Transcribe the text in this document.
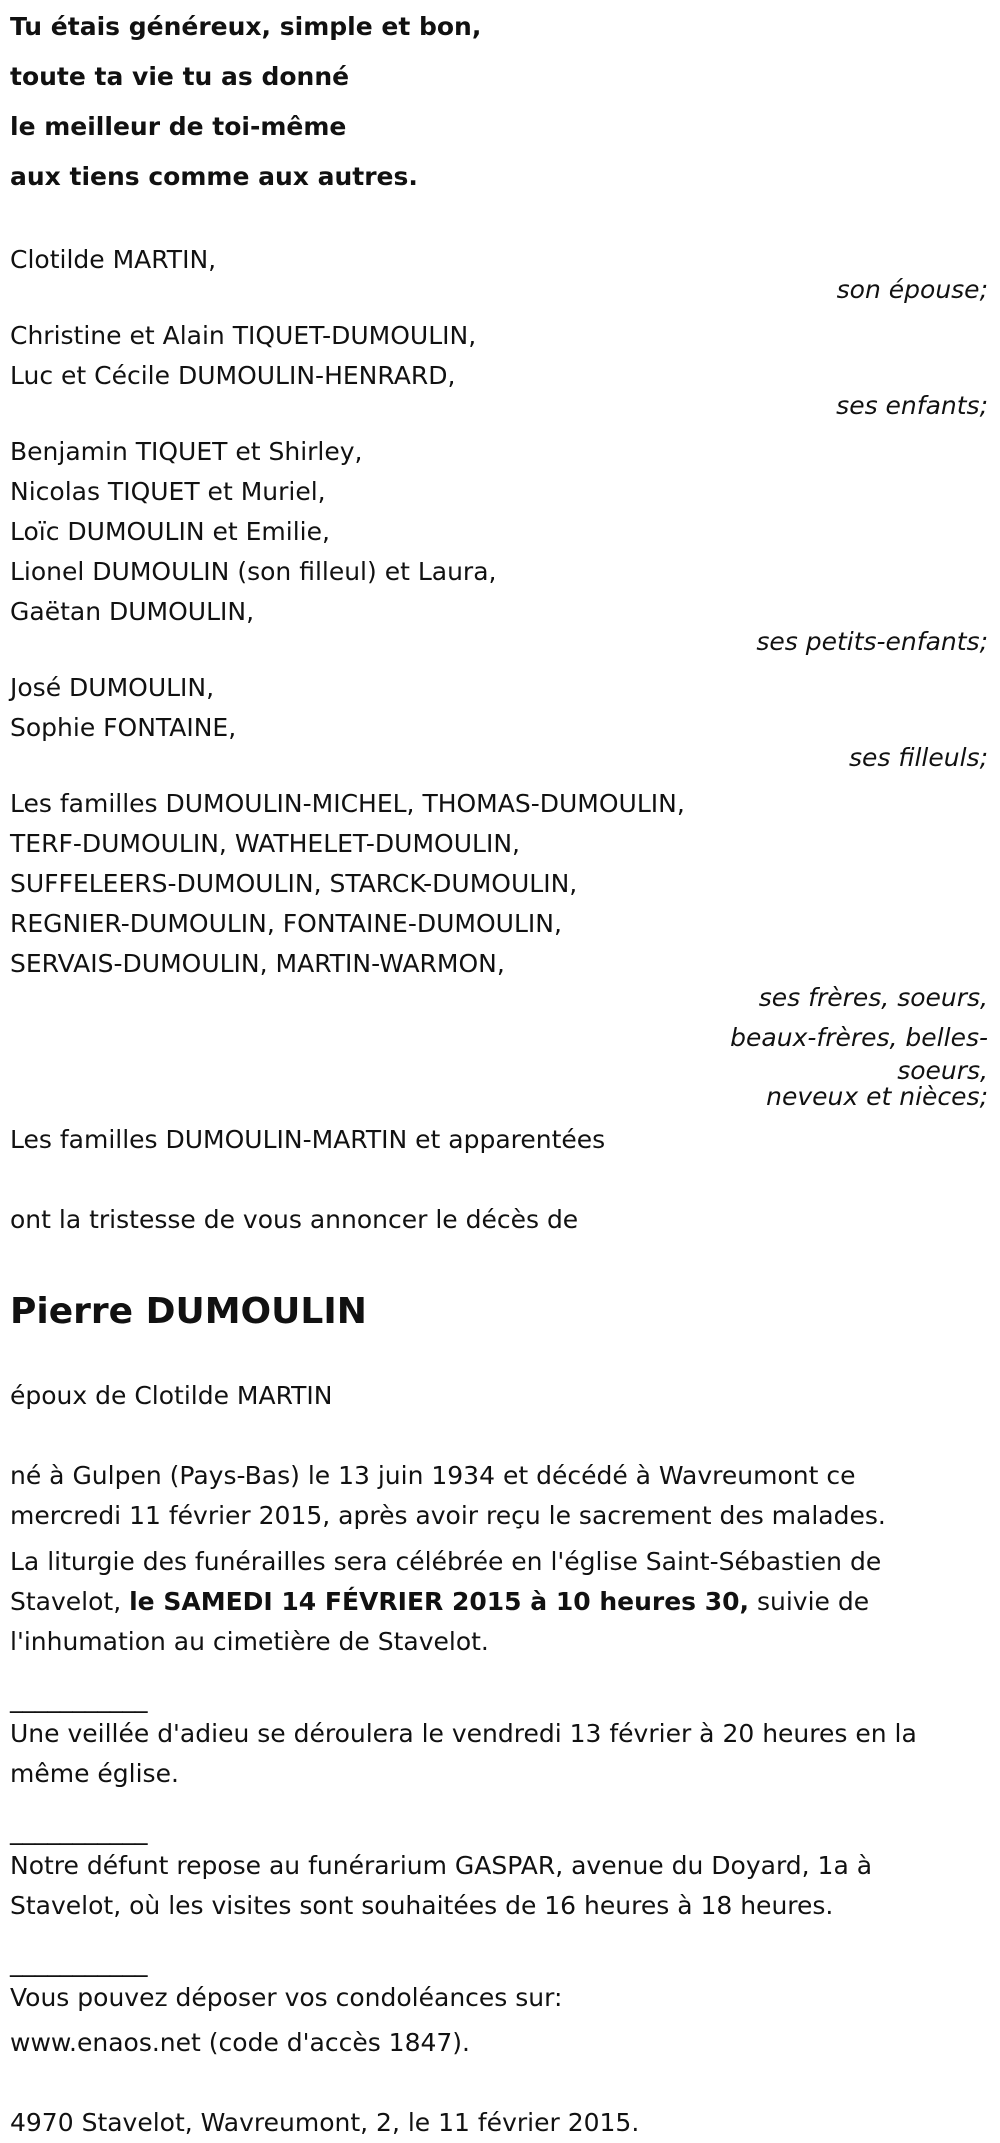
Tu étais généreux, simple et bon,
toute ta vie tu as donné
le meilleur de toi-même
aux tiens comme aux autres.
Clotilde MARTIN,
son épouse;
Christine et Alain TIQUET-DUMOULIN,
Luc et Cécile DUMOULIN-HENRARD,
ses enfants;
Benjamin TIQUET et Shirley,
Nicolas TIQUET et Muriel,
Loïc DUMOULIN et Emilie,
Lionel DUMOULIN (son filleul) et Laura,
Gaëtan DUMOULIN,
ses petits-enfants;
José DUMOULIN,
Sophie FONTAINE,
ses filleuls;
Les familles DUMOULIN-MICHEL, THOMAS-DUMOULIN,
TERF-DUMOULIN, WATHELET-DUMOULIN,
SUFFELEERS-DUMOULIN, STARCK-DUMOULIN,
REGNIER-DUMOULIN, FONTAINE-DUMOULIN,
SERVAIS-DUMOULIN, MARTIN-WARMON,
ses frères, soeurs,
beaux-frères, belles-
soeurs,
neveux et nièces;
Les familles DUMOULIN-MARTIN et apparentées
ont la tristesse de vous annoncer le décès de
Pierre DUMOULIN
époux de Clotilde MARTIN
né à Gulpen (Pays-Bas) le 13 juin 1934 et décédé à Wavreumont ce
mercredi 11 février 2015, après avoir reçu le sacrement des malades.
La liturgie des funérailles sera célébrée en l'église Saint-Sébastien de
Stavelot, le SAMEDI 14 FÉVRIER 2015 à 10 heures 30, suivie de
l'inhumation au cimetière de Stavelot.
___________
Une veillée d'adieu se déroulera le vendredi 13 février à 20 heures en la
même église.
___________
Notre défunt repose au funérarium GASPAR, avenue du Doyard, 1a à
Stavelot, où les visites sont souhaitées de 16 heures à 18 heures.
___________
Vous pouvez déposer vos condoléances sur:
www.enaos.net (code d'accès 1847).
4970 Stavelot, Wavreumont, 2, le 11 février 2015.
